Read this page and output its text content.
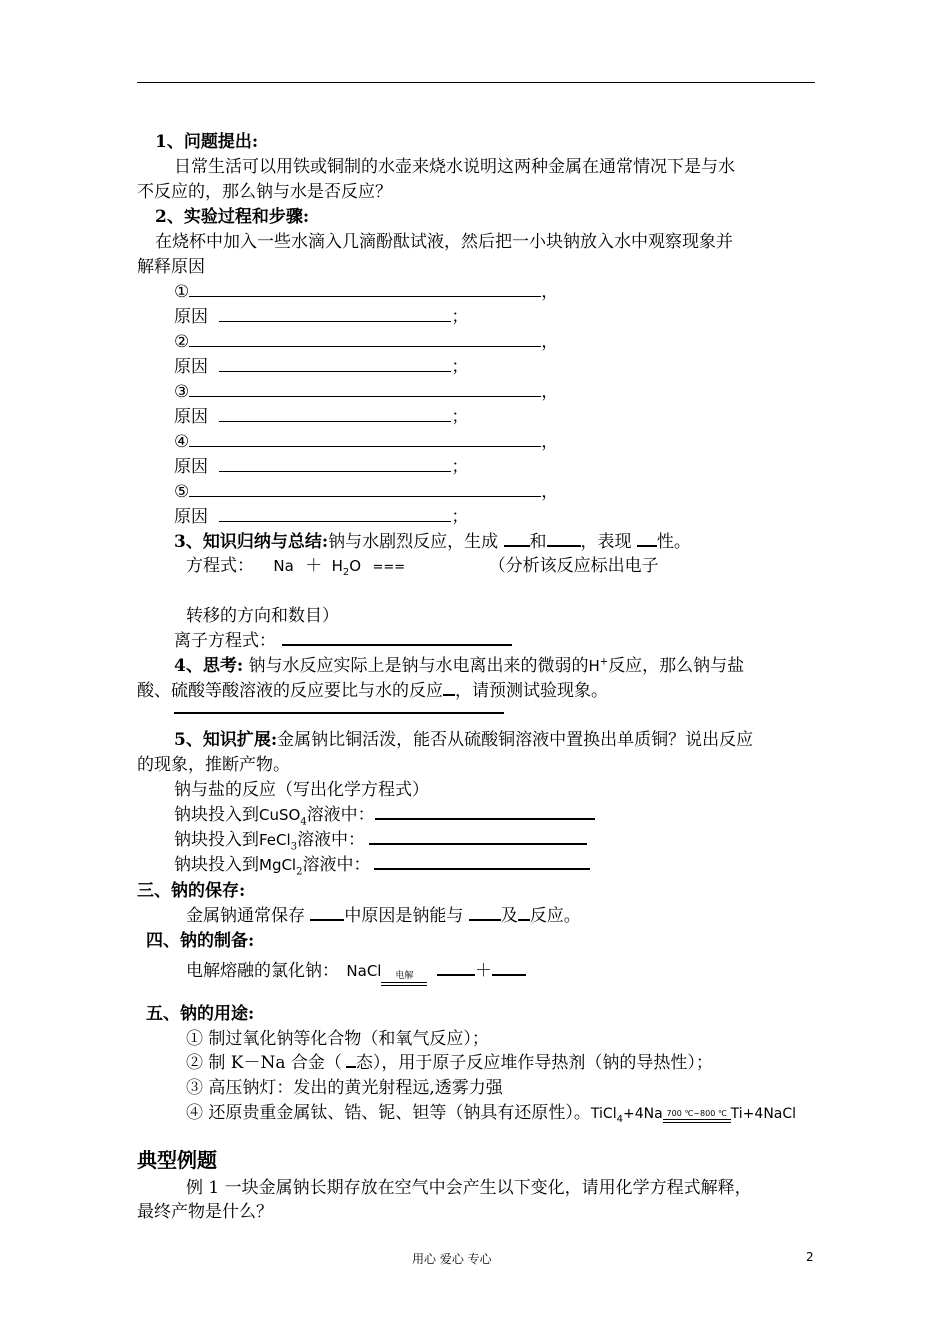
1、问题提出:
日常生活可以用铁或铜制的水壶来烧水说明这两种金属在通常情况下是与水
不反应的，那么钠与水是否反应？
2、实验过程和步骤:
在烧杯中加入一些水滴入几滴酚酞试液，然后把一小块钠放入水中观察现象并
解释原因
①	，
原因	；
②	，
原因	；
③	，
原因	；
④	，
原因	；
⑤	，
原因	；
3、知识归纳与总结:钠与水剧烈反应，生成 和 ，表现 性。
方程式： $Na + H_2O$ ===	（分析该反应标出电子
转移的方向和数目）
离子方程式：
4、思考: 钠与水反应实际上是钠与水电离出来的微弱的H+反应，那么钠与盐
酸、硫酸等酸溶液的反应要比与水的反应 ，请预测试验现象。
5、知识扩展:金属钠比铜活泼，能否从硫酸铜溶液中置换出单质铜？说出反应
的现象，推断产物。
钠与盐的反应（写出化学方程式）
钠块投入到CuSO$_4$溶液中：
钠块投入到FeCl$_3$溶液中：
钠块投入到MgCl$_2$溶液中：
三、钠的保存:
金属钠通常保存 中原因是钠能与 及 反应。
四、钠的制备:
电解熔融的氯化钠： NaCl	电解	＋
五、钠的用途:
① 制过氧化钠等化合物（和氧气反应）；
② 制 K－Na 合金（ 态），用于原子反应堆作导热剂（钠的导热性）；
③ 高压钠灯：发出的黄光射程远,透雾力强
④ 还原贵重金属钛、锆、铌、钽等（钠具有还原性）。TiCl$_4$+4Na 700 ℃~800 ℃ Ti+4NaCl
典型例题
例 1 一块金属钠长期存放在空气中会产生以下变化，请用化学方程式解释，
最终产物是什么？
用心 爱心 专心	2
